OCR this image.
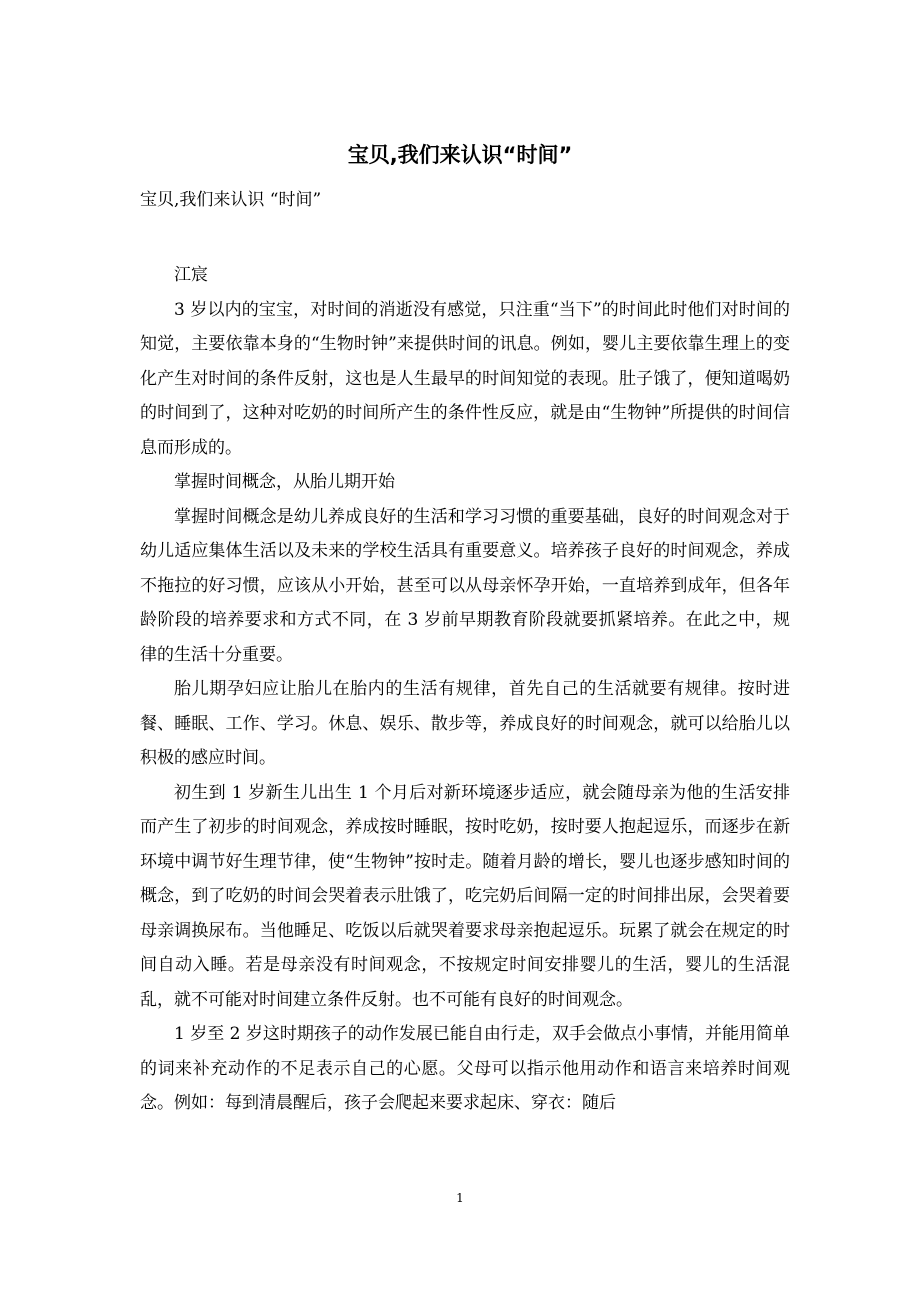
宝贝,我们来认识“时间”

宝贝,我们来认识 “时间”

江宸

3 岁以内的宝宝，对时间的消逝没有感觉，只注重“当下”的时间此时他们对时间的知觉，主要依靠本身的“生物时钟”来提供时间的讯息。例如，婴儿主要依靠生理上的变化产生对时间的条件反射，这也是人生最早的时间知觉的表现。肚子饿了，便知道喝奶的时间到了，这种对吃奶的时间所产生的条件性反应，就是由“生物钟”所提供的时间信息而形成的。

掌握时间概念，从胎儿期开始

掌握时间概念是幼儿养成良好的生活和学习习惯的重要基础，良好的时间观念对于幼儿适应集体生活以及未来的学校生活具有重要意义。培养孩子良好的时间观念，养成不拖拉的好习惯，应该从小开始，甚至可以从母亲怀孕开始，一直培养到成年，但各年龄阶段的培养要求和方式不同，在 3 岁前早期教育阶段就要抓紧培养。在此之中，规律的生活十分重要。

胎儿期孕妇应让胎儿在胎内的生活有规律，首先自己的生活就要有规律。按时进餐、睡眠、工作、学习。休息、娱乐、散步等，养成良好的时间观念，就可以给胎儿以积极的感应时间。

初生到 1 岁新生儿出生 1 个月后对新环境逐步适应，就会随母亲为他的生活安排而产生了初步的时间观念，养成按时睡眠，按时吃奶，按时要人抱起逗乐，而逐步在新环境中调节好生理节律，使“生物钟”按时走。随着月龄的增长，婴儿也逐步感知时间的概念，到了吃奶的时间会哭着表示肚饿了，吃完奶后间隔一定的时间排出尿，会哭着要母亲调换尿布。当他睡足、吃饭以后就哭着要求母亲抱起逗乐。玩累了就会在规定的时间自动入睡。若是母亲没有时间观念，不按规定时间安排婴儿的生活，婴儿的生活混乱，就不可能对时间建立条件反射。也不可能有良好的时间观念。

1 岁至 2 岁这时期孩子的动作发展已能自由行走，双手会做点小事情，并能用简单的词来补充动作的不足表示自己的心愿。父母可以指示他用动作和语言来培养时间观念。例如：每到清晨醒后，孩子会爬起来要求起床、穿衣：随后

1
